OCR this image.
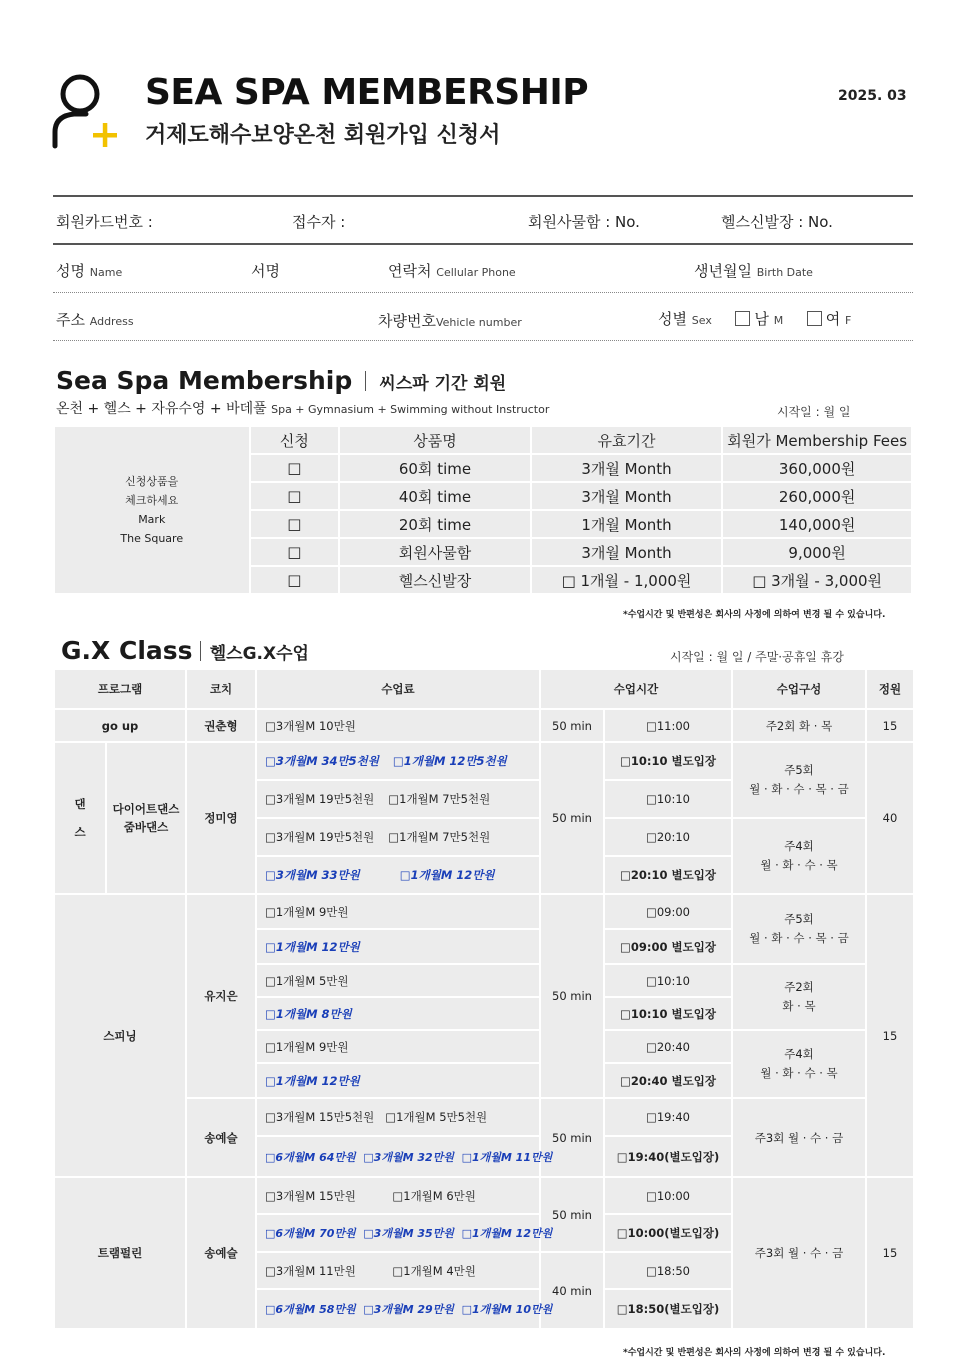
SEA SPA MEMBERSHIP
거제도해수보양온천 회원가입 신청서
2025. 03
회원카드번호 :	접수자 :	회원사물함 : No.	헬스신발장 : No.
성명 Name	서명	연락처 Cellular Phone	생년월일 Birth Date
주소 Address	차량번호Vehicle number	성별 Sex	남 M	여 F
Sea Spa Membership 씨스파 기간 회원
온천 + 헬스 + 자유수영 + 바데풀 Spa + Gymnasium + Swimming without Instructor	시작일 : 월 일
신청상품을
체크하세요
Mark
The Square	신청	상품명	유효기간	회원가 Membership Fees
	□	60회 time	3개월 Month	360,000원
	□	40회 time	3개월 Month	260,000원
	□	20회 time	1개월 Month	140,000원
	□	회원사물함	3개월 Month	9,000원
	□	헬스신발장	□ 1개월 - 1,000원	□ 3개월 - 3,000원
*수업시간 및 반편성은 회사의 사정에 의하여 변경 될 수 있습니다.
G.X Class 헬스G.X수업	시작일 : 월 일 / 주말·공휴일 휴강
프로그램		코치	수업료	수업시간		수업구성	정원
go up		권춘형	□3개월M 10만원	50 min	□11:00	주2회 화 · 목	15
댄
스	다이어트댄스
줌바댄스	정미영	□3개월M 34만5천원 □1개월M 12만5천원	50 min	□10:10 별도입장	주5회
월 · 화 · 수 · 목 · 금	40
			□3개월M 19만5천원 □1개월M 7만5천원		□10:10		
			□3개월M 19만5천원 □1개월M 7만5천원		□20:10	주4회
월 · 화 · 수 · 목	
			□3개월M 33만원 □1개월M 12만원		□20:10 별도입장		
스피닝		유지은	□1개월M 9만원	50 min	□09:00	주5회
월 · 화 · 수 · 목 · 금	15
			□1개월M 12만원		□09:00 별도입장		
			□1개월M 5만원		□10:10	주2회
화 · 목	
			□1개월M 8만원		□10:10 별도입장		
			□1개월M 9만원		□20:40	주4회
월 · 화 · 수 · 목	
			□1개월M 12만원		□20:40 별도입장		
		송예슬	□3개월M 15만5천원   □1개월M 5만5천원	50 min	□19:40	주3회 월 · 수 · 금	
			□6개월M 64만원  □3개월M 32만원  □1개월M 11만원		□19:40(별도입장)		
트램펄린		송예슬	□3개월M 15만원          □1개월M 6만원	50 min	□10:00	주3회 월 · 수 · 금	15
			□6개월M 70만원  □3개월M 35만원  □1개월M 12만원		□10:00(별도입장)		
			□3개월M 11만원          □1개월M 4만원	40 min	□18:50		
			□6개월M 58만원  □3개월M 29만원  □1개월M 10만원		□18:50(별도입장)		
*수업시간 및 반편성은 회사의 사정에 의하여 변경 될 수 있습니다.
